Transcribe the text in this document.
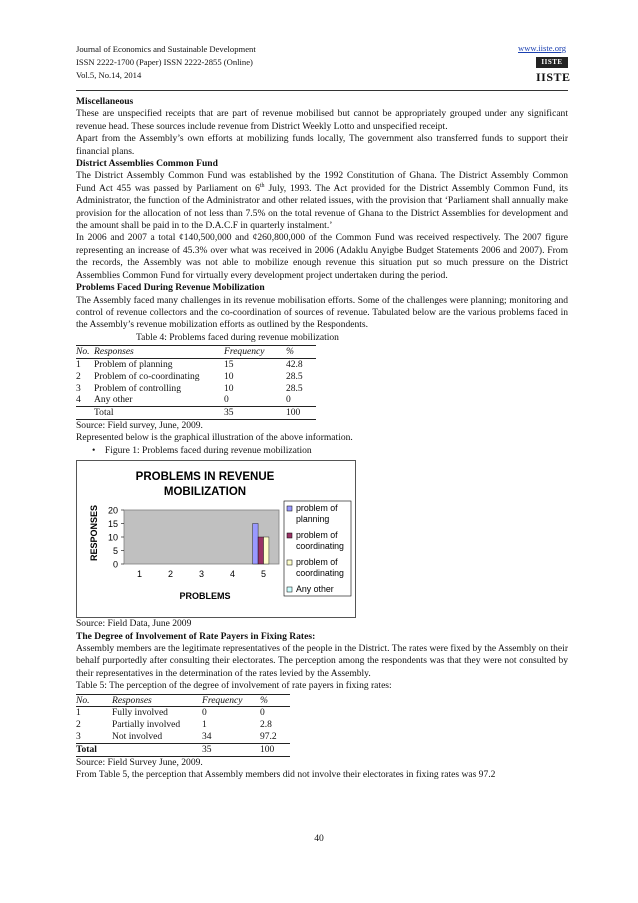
Journal of Economics and Sustainable Development
ISSN 2222-1700 (Paper) ISSN 2222-2855 (Online)
Vol.5, No.14, 2014
www.iiste.org
IISTE
IISTE

Miscellaneous

These are unspecified receipts that are part of revenue mobilised but cannot be appropriately grouped under any significant revenue head. These sources include revenue from District Weekly Lotto and unspecified receipt.

Apart from the Assembly’s own efforts at mobilizing funds locally, The government also transferred funds to support their financial plans.

District Assemblies Common Fund

The District Assembly Common Fund was established by the 1992 Constitution of Ghana. The District Assembly Common Fund Act 455 was passed by Parliament on 6th July, 1993. The Act provided for the District Assembly Common Fund, its Administrator, the function of the Administrator and other related issues, with the provision that ‘Parliament shall annually make provision for the allocation of not less than 7.5% on the total revenue of Ghana to the District Assemblies for development and the amount shall be paid in to the D.A.C.F in quarterly instalment.’

In 2006 and 2007 a total ¢140,500,000 and ¢260,800,000 of the Common Fund was received respectively. The 2007 figure representing an increase of 45.3% over what was received in 2006 (Adaklu Anyigbe Budget Statements 2006 and 2007). From the records, the Assembly was not able to mobilize enough revenue this situation put so much pressure on the District Assemblies Common Fund for virtually every development project undertaken during the period.

Problems Faced During Revenue Mobilization

The Assembly faced many challenges in its revenue mobilisation efforts. Some of the challenges were planning; monitoring and control of revenue collectors and the co-coordination of sources of revenue. Tabulated below are the various problems faced in the Assembly’s revenue mobilization efforts as outlined by the Respondents.

Table 4: Problems faced during revenue mobilization
No.	Responses	Frequency	%
1	Problem of planning	15	42.8
2	Problem of co-coordinating	10	28.5
3	Problem of controlling	10	28.5
4	Any other	0	0
	Total	35	100

Source: Field survey, June, 2009.

Represented below is the graphical illustration of the above information.

• Figure 1: Problems faced during revenue mobilization

PROBLEMS IN REVENUE
MOBILIZATION
0
5
10
15
20
1	2	3	4	5
PROBLEMS
RESPONSES	problem of
planning
problem of
coordinating
problem of
coordinating
Any other

Source: Field Data, June 2009

The Degree of Involvement of Rate Payers in Fixing Rates:

Assembly members are the legitimate representatives of the people in the District. The rates were fixed by the Assembly on their behalf purportedly after consulting their electorates. The perception among the respondents was that they were not consulted by their representatives in the determination of the rates levied by the Assembly.

Table 5: The perception of the degree of involvement of rate payers in fixing rates:

No.	Responses	Frequency	%
1	Fully involved	0	0
2	Partially involved	1	2.8
3	Not involved	34	97.2
Total		35	100

Source: Field Survey June, 2009.

From Table 5, the perception that Assembly members did not involve their electorates in fixing rates was 97.2

40
